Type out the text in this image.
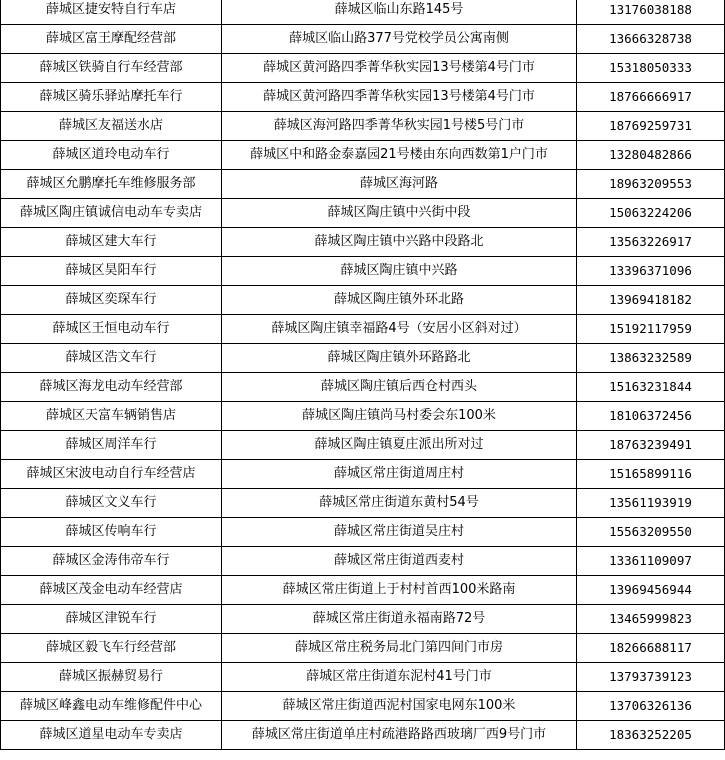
薛城区捷安特自行车店	薛城区临山东路145号	13176038188
薛城区富王摩配经营部	薛城区临山路377号党校学员公寓南侧	13666328738
薛城区铁骑自行车经营部	薛城区黄河路四季菁华秋实园13号楼第4号门市	15318050333
薛城区骑乐驿站摩托车行	薛城区黄河路四季菁华秋实园13号楼第4号门市	18766666917
薛城区友福送水店	薛城区海河路四季菁华秋实园1号楼5号门市	18769259731
薛城区道玲电动车行	薛城区中和路金泰嘉园21号楼由东向西数第1户门市	13280482866
薛城区允鹏摩托车维修服务部	薛城区海河路	18963209553
薛城区陶庄镇诚信电动车专卖店	薛城区陶庄镇中兴街中段	15063224206
薛城区建大车行	薛城区陶庄镇中兴路中段路北	13563226917
薛城区昊阳车行	薛城区陶庄镇中兴路	13396371096
薛城区奕琛车行	薛城区陶庄镇外环北路	13969418182
薛城区王恒电动车行	薛城区陶庄镇幸福路4号（安居小区斜对过）	15192117959
薛城区浩文车行	薛城区陶庄镇外环路路北	13863232589
薛城区海龙电动车经营部	薛城区陶庄镇后西仓村西头	15163231844
薛城区天富车辆销售店	薛城区陶庄镇尚马村委会东100米	18106372456
薛城区周洋车行	薛城区陶庄镇夏庄派出所对过	18763239491
薛城区宋波电动自行车经营店	薛城区常庄街道周庄村	15165899116
薛城区文义车行	薛城区常庄街道东黄村54号	13561193919
薛城区传响车行	薛城区常庄街道吴庄村	15563209550
薛城区金涛伟帝车行	薛城区常庄街道西麦村	13361109097
薛城区茂金电动车经营店	薛城区常庄街道上于村村首西100米路南	13969456944
薛城区津锐车行	薛城区常庄街道永福南路72号	13465999823
薛城区毅飞车行经营部	薛城区常庄税务局北门第四间门市房	18266688117
薛城区振赫贸易行	薛城区常庄街道东泥村41号门市	13793739123
薛城区峰鑫电动车维修配件中心	薛城区常庄街道西泥村国家电网东100米	13706326136
薛城区道星电动车专卖店	薛城区常庄街道单庄村疏港路路西玻璃厂西9号门市	18363252205
